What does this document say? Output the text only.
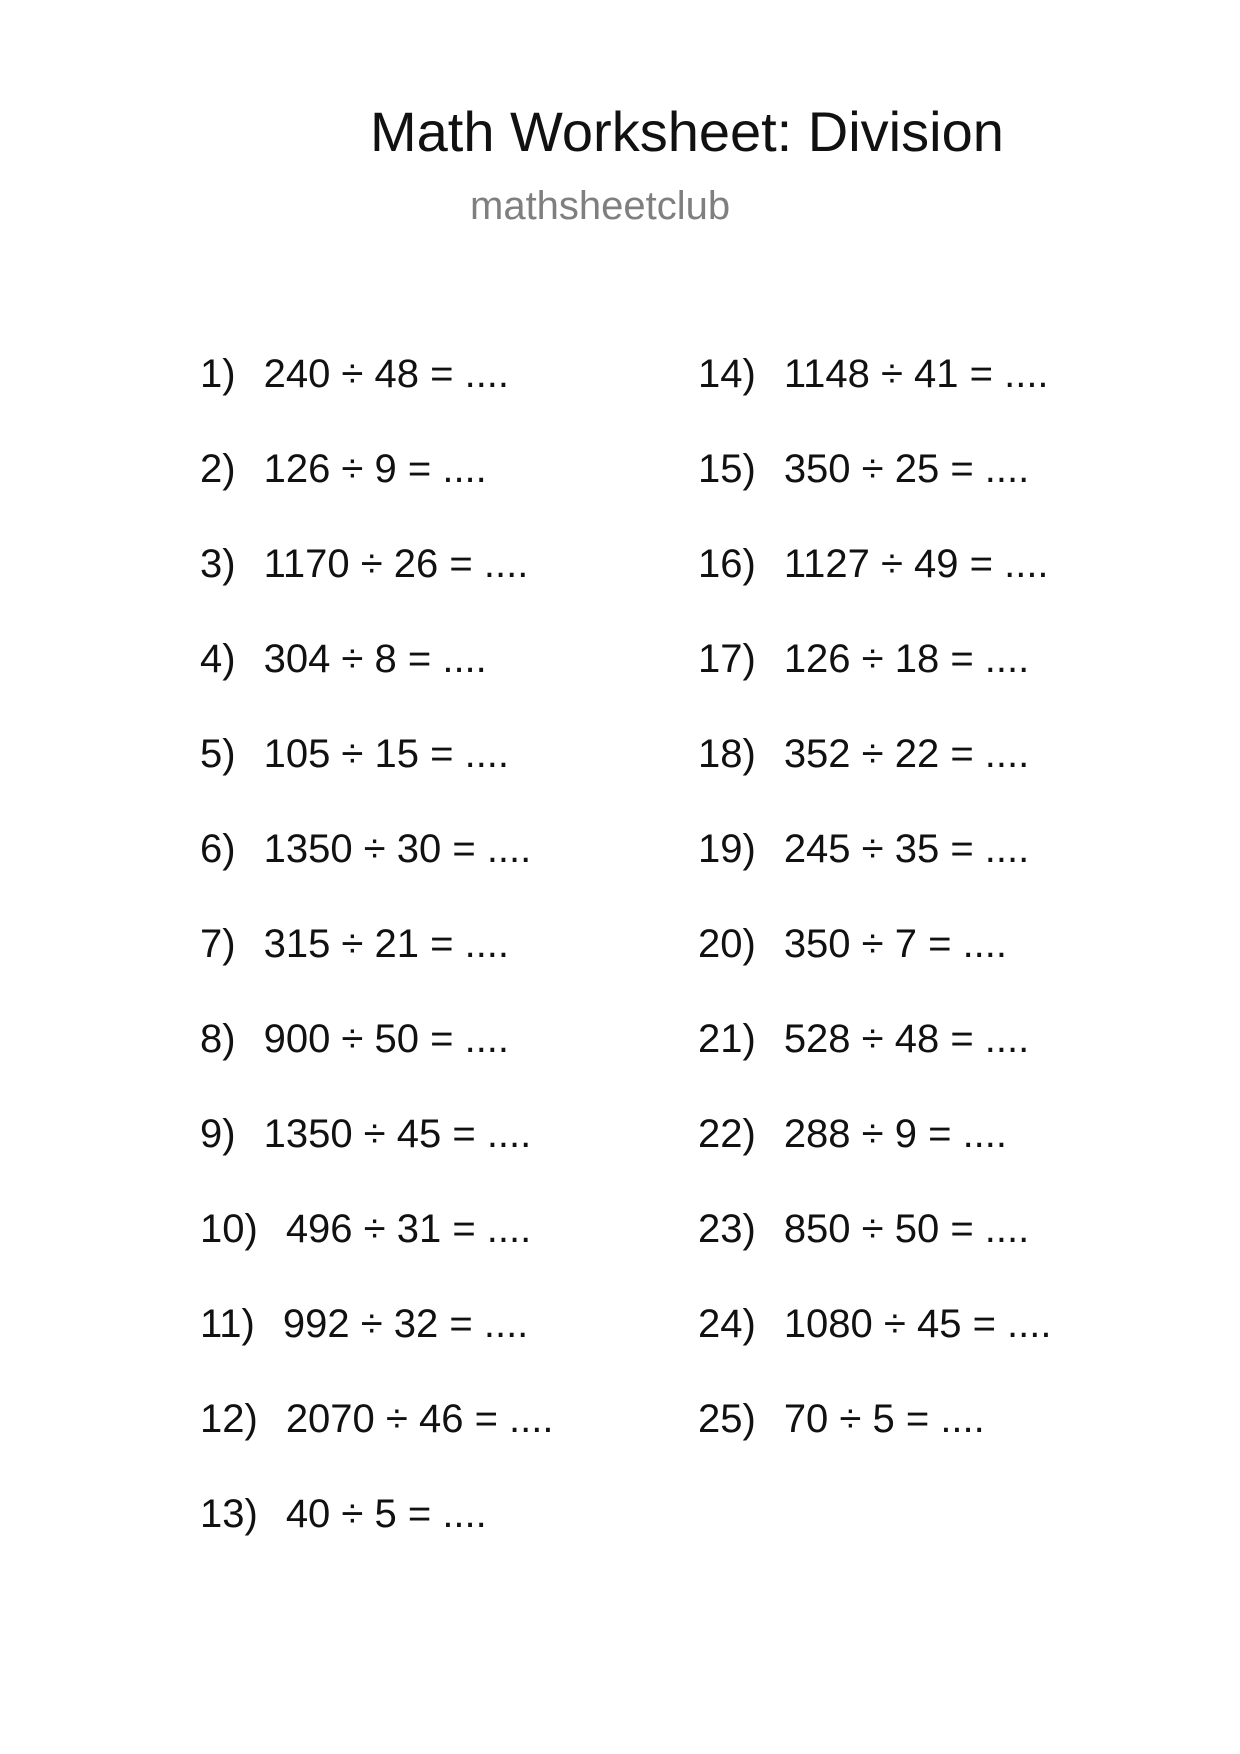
Math Worksheet: Division
mathsheetclub
1) 240 ÷ 48 = ....
2) 126 ÷ 9 = ....
3) 1170 ÷ 26 = ....
4) 304 ÷ 8 = ....
5) 105 ÷ 15 = ....
6) 1350 ÷ 30 = ....
7) 315 ÷ 21 = ....
8) 900 ÷ 50 = ....
9) 1350 ÷ 45 = ....
10) 496 ÷ 31 = ....
11) 992 ÷ 32 = ....
12) 2070 ÷ 46 = ....
13) 40 ÷ 5 = ....
14) 1148 ÷ 41 = ....
15) 350 ÷ 25 = ....
16) 1127 ÷ 49 = ....
17) 126 ÷ 18 = ....
18) 352 ÷ 22 = ....
19) 245 ÷ 35 = ....
20) 350 ÷ 7 = ....
21) 528 ÷ 48 = ....
22) 288 ÷ 9 = ....
23) 850 ÷ 50 = ....
24) 1080 ÷ 45 = ....
25) 70 ÷ 5 = ....
